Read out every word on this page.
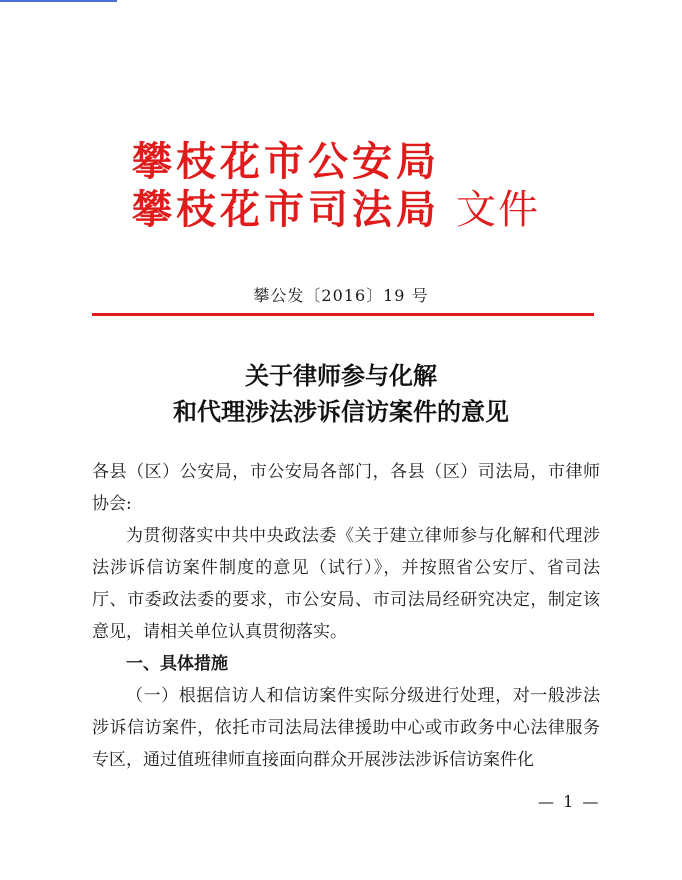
攀枝花市公安局
攀枝花市司法局 文件
攀公发〔2016〕19 号
关于律师参与化解
和代理涉法涉诉信访案件的意见

各县（区）公安局，市公安局各部门，各县（区）司法局，市律师协会:

为贯彻落实中共中央政法委《关于建立律师参与化解和代理涉法涉诉信访案件制度的意见（试行）》，并按照省公安厅、省司法厅、市委政法委的要求，市公安局、市司法局经研究决定，制定该意见，请相关单位认真贯彻落实。

一、具体措施

（一）根据信访人和信访案件实际分级进行处理，对一般涉法涉诉信访案件，依托市司法局法律援助中心或市政务中心法律服务专区，通过值班律师直接面向群众开展涉法涉诉信访案件化

— 1 —
